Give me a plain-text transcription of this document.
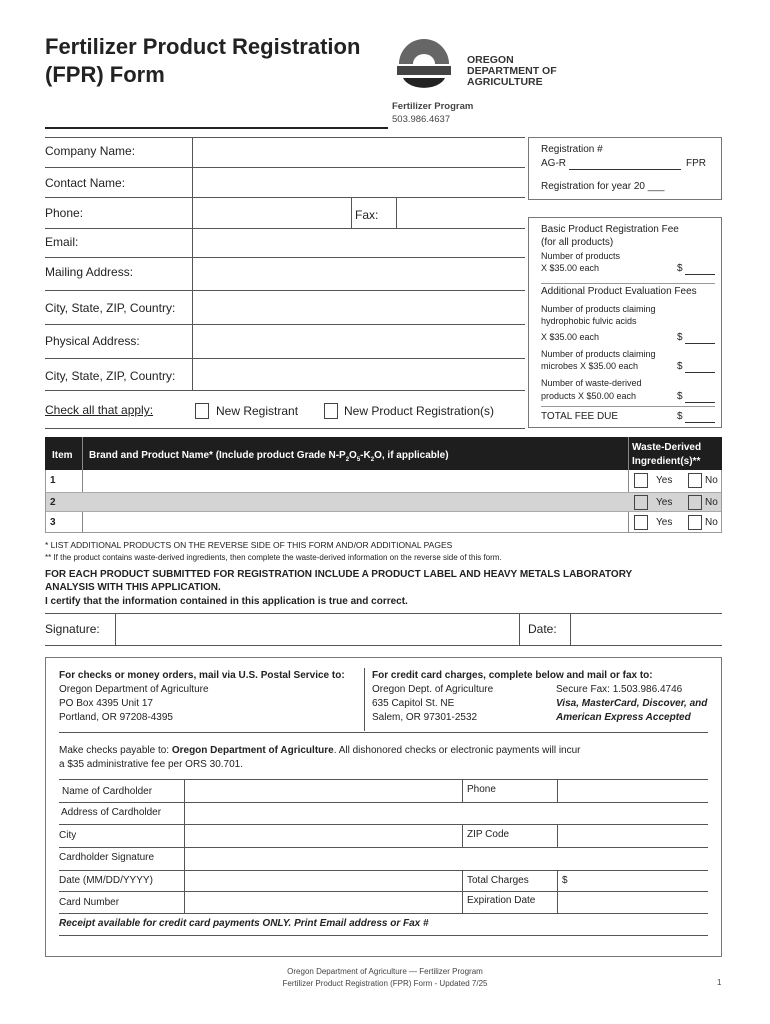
Fertilizer Product Registration
(FPR) Form
OREGON
DEPARTMENT OF
AGRICULTURE
Fertilizer Program
503.986.4637
Company Name:
Contact Name:
Phone:	Fax:
Email:
Mailing Address:
City, State, ZIP, Country:
Physical Address:
City, State, ZIP, Country:
Check all that apply:	New Registrant	New Product Registration(s)
Registration #
AG-R	FPR
Registration for year 20 ___
Basic Product Registration Fee
(for all products)
Number of products
X $35.00 each	$
Additional Product Evaluation Fees
Number of products claiming
hydrophobic fulvic acids
X $35.00 each	$
Number of products claiming
microbes X $35.00 each	$
Number of waste-derived
products X $50.00 each	$
TOTAL FEE DUE	$
Item Brand and Product Name* (Include product Grade $N-P_2O_5-K_2O$, if applicable)
Waste-Derived
Ingredient(s)**
1	Yes	No
2	Yes	No
3	Yes	No
* LIST ADDITIONAL PRODUCTS ON THE REVERSE SIDE OF THIS FORM AND/OR ADDITIONAL PAGES
** If the product contains waste-derived ingredients, then complete the waste-derived information on the reverse side of this form.
FOR EACH PRODUCT SUBMITTED FOR REGISTRATION INCLUDE A PRODUCT LABEL AND HEAVY METALS LABORATORY
ANALYSIS WITH THIS APPLICATION.
I certify that the information contained in this application is true and correct.
Signature:	Date:
For checks or money orders, mail via U.S. Postal Service to:
Oregon Department of Agriculture
PO Box 4395 Unit 17
Portland, OR 97208-4395
For credit card charges, complete below and mail or fax to:
Oregon Dept. of Agriculture
635 Capitol St. NE
Salem, OR 97301-2532
Secure Fax: 1.503.986.4746
Visa, MasterCard, Discover, and
American Express Accepted
Make checks payable to: Oregon Department of Agriculture. All dishonored checks or electronic payments will incur
a $35 administrative fee per ORS 30.701.
Name of Cardholder	Phone
Address of Cardholder
City	ZIP Code
Cardholder Signature
Date (MM/DD/YYYY)	Total Charges	$
Card Number	Expiration Date
Receipt available for credit card payments ONLY. Print Email address or Fax #
Oregon Department of Agriculture — Fertilizer Program
Fertilizer Product Registration (FPR) Form - Updated 7/25	1
